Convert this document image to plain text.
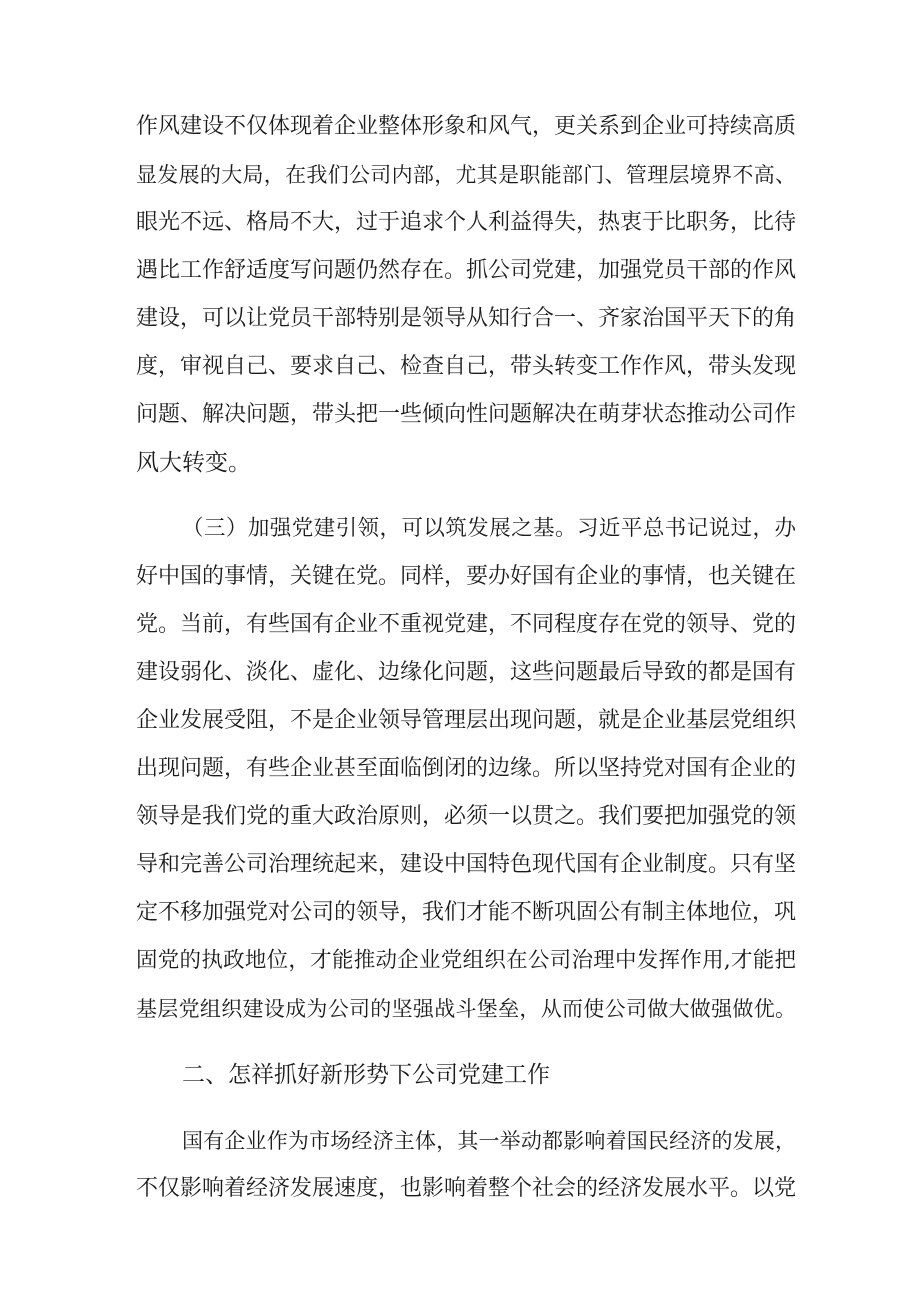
作风建设不仅体现着企业整体形象和风气，更关系到企业可持续高质
显发展的大局，在我们公司内部，尤其是职能部门、管理层境界不高、
眼光不远、格局不大，过于追求个人利益得失，热衷于比职务，比待
遇比工作舒适度写问题仍然存在。抓公司党建，加强党员干部的作风
建设，可以让党员干部特别是领导从知行合一、齐家治国平天下的角
度，审视自己、要求自己、检查自己，带头转变工作作风，带头发现
问题、解决问题，带头把一些倾向性问题解决在萌芽状态推动公司作
风大转变。
（三）加强党建引领，可以筑发展之基。习近平总书记说过，办
好中国的事情，关键在党。同样，要办好国有企业的事情，也关键在
党。当前，有些国有企业不重视党建，不同程度存在党的领导、党的
建设弱化、淡化、虚化、边缘化问题，这些问题最后导致的都是国有
企业发展受阻，不是企业领导管理层出现问题，就是企业基层党组织
出现问题，有些企业甚至面临倒闭的边缘。所以坚持党对国有企业的
领导是我们党的重大政治原则，必须一以贯之。我们要把加强党的领
导和完善公司治理统起来，建设中国特色现代国有企业制度。只有坚
定不移加强党对公司的领导，我们才能不断巩固公有制主体地位，巩
固党的执政地位，才能推动企业党组织在公司治理中发挥作用,才能把
基层党组织建设成为公司的坚强战斗堡垒，从而使公司做大做强做优。
二、怎祥抓好新形势下公司党建工作
国有企业作为市场经济主体，其一举动都影响着国民经济的发展，
不仅影响着经济发展速度，也影响着整个社会的经济发展水平。以党
